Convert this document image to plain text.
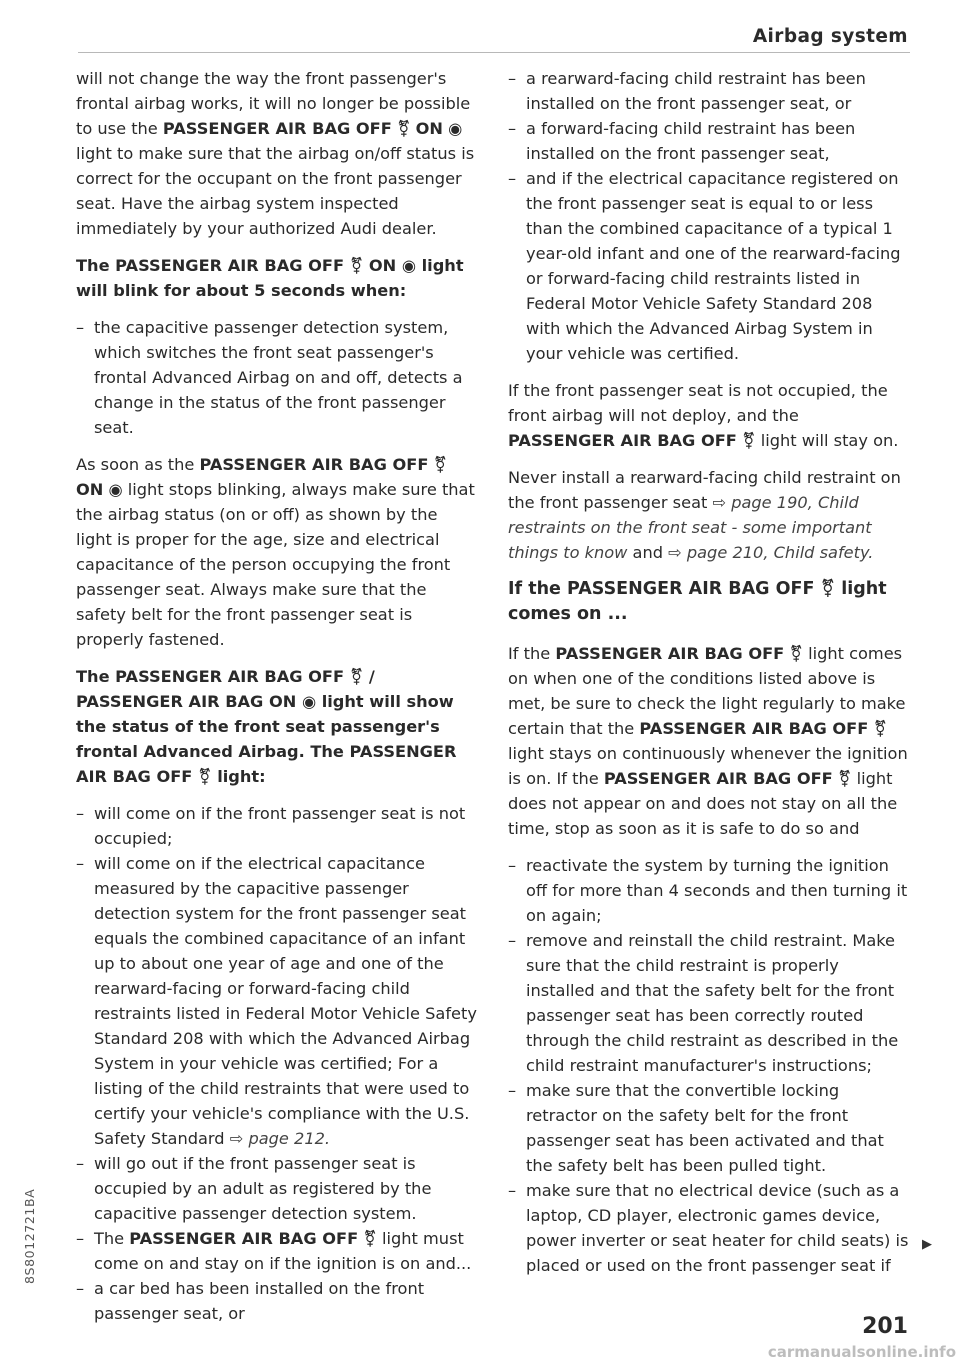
Airbag system

will not change the way the front passenger's frontal airbag works, it will no longer be possible to use the PASSENGER AIR BAG OFF ⚧ ON ◉ light to make sure that the airbag on/off status is correct for the occupant on the front passenger seat. Have the airbag system inspected immediately by your authorized Audi dealer.

The PASSENGER AIR BAG OFF ⚧ ON ◉ light will blink for about 5 seconds when:

– the capacitive passenger detection system, which switches the front seat passenger's frontal Advanced Airbag on and off, detects a change in the status of the front passenger seat.

As soon as the PASSENGER AIR BAG OFF ⚧ ON ◉ light stops blinking, always make sure that the airbag status (on or off) as shown by the light is proper for the age, size and electrical capacitance of the person occupying the front passenger seat. Always make sure that the safety belt for the front passenger seat is properly fastened.

The PASSENGER AIR BAG OFF ⚧ / PASSENGER AIR BAG ON ◉ light will show the status of the front seat passenger's frontal Advanced Airbag. The PASSENGER AIR BAG OFF ⚧ light:

– will come on if the front passenger seat is not occupied;
– will come on if the electrical capacitance measured by the capacitive passenger detection system for the front passenger seat equals the combined capacitance of an infant up to about one year of age and one of the rearward-facing or forward-facing child restraints listed in Federal Motor Vehicle Safety Standard 208 with which the Advanced Airbag System in your vehicle was certified; For a listing of the child restraints that were used to certify your vehicle's compliance with the U.S. Safety Standard ⇨ page 212.
– will go out if the front passenger seat is occupied by an adult as registered by the capacitive passenger detection system.
– The PASSENGER AIR BAG OFF ⚧ light must come on and stay on if the ignition is on and...
– a car bed has been installed on the front passenger seat, or
– a rearward-facing child restraint has been installed on the front passenger seat, or
– a forward-facing child restraint has been installed on the front passenger seat,
– and if the electrical capacitance registered on the front passenger seat is equal to or less than the combined capacitance of a typical 1 year-old infant and one of the rearward-facing or forward-facing child restraints listed in Federal Motor Vehicle Safety Standard 208 with which the Advanced Airbag System in your vehicle was certified.

If the front passenger seat is not occupied, the front airbag will not deploy, and the PASSENGER AIR BAG OFF ⚧ light will stay on.

Never install a rearward-facing child restraint on the front passenger seat ⇨ page 190, Child restraints on the front seat - some important things to know and ⇨ page 210, Child safety.

If the PASSENGER AIR BAG OFF ⚧ light comes on ...

If the PASSENGER AIR BAG OFF ⚧ light comes on when one of the conditions listed above is met, be sure to check the light regularly to make certain that the PASSENGER AIR BAG OFF ⚧ light stays on continuously whenever the ignition is on. If the PASSENGER AIR BAG OFF ⚧ light does not appear on and does not stay on all the time, stop as soon as it is safe to do so and

– reactivate the system by turning the ignition off for more than 4 seconds and then turning it on again;
– remove and reinstall the child restraint. Make sure that the child restraint is properly installed and that the safety belt for the front passenger seat has been correctly routed through the child restraint as described in the child restraint manufacturer's instructions;
– make sure that the convertible locking retractor on the safety belt for the front passenger seat has been activated and that the safety belt has been pulled tight.
– make sure that no electrical device (such as a laptop, CD player, electronic games device, power inverter or seat heater for child seats) is placed or used on the front passenger seat if
▶
8S8012721BA
201
carmanualsonline.info
